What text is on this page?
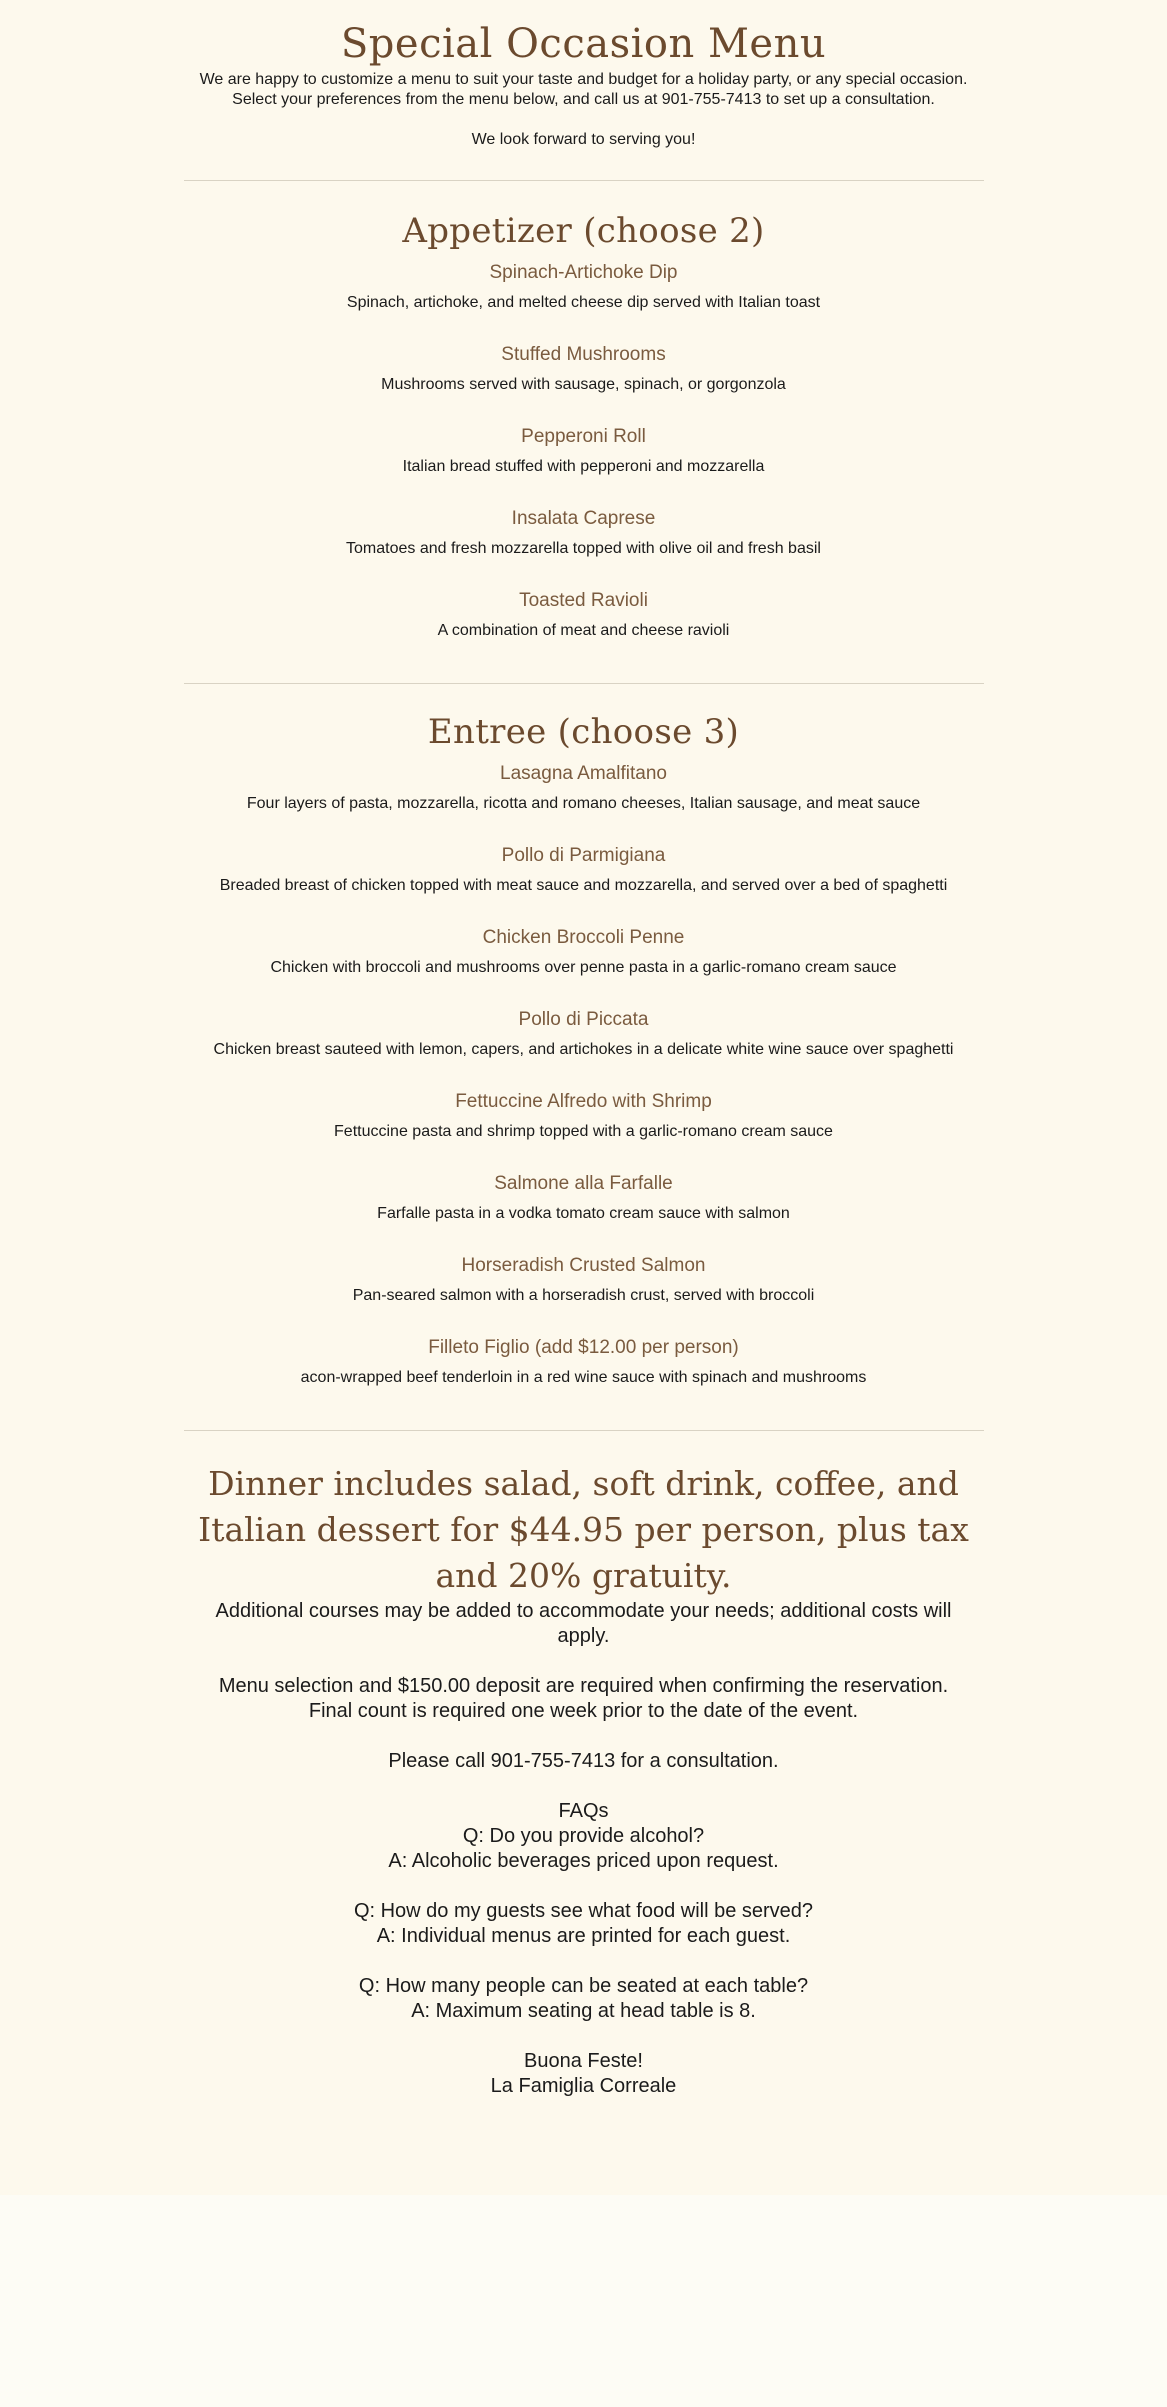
Special Occasion Menu

We are happy to customize a menu to suit your taste and budget for a holiday party, or any special occasion.
Select your preferences from the menu below, and call us at 901-755-7413 to set up a consultation.

We look forward to serving you!

Appetizer (choose 2)

Spinach-Artichoke Dip

Spinach, artichoke, and melted cheese dip served with Italian toast

Stuffed Mushrooms

Mushrooms served with sausage, spinach, or gorgonzola

Pepperoni Roll

Italian bread stuffed with pepperoni and mozzarella

Insalata Caprese

Tomatoes and fresh mozzarella topped with olive oil and fresh basil

Toasted Ravioli

A combination of meat and cheese ravioli

Entree (choose 3)

Lasagna Amalfitano

Four layers of pasta, mozzarella, ricotta and romano cheeses, Italian sausage, and meat sauce

Pollo di Parmigiana

Breaded breast of chicken topped with meat sauce and mozzarella, and served over a bed of spaghetti

Chicken Broccoli Penne

Chicken with broccoli and mushrooms over penne pasta in a garlic-romano cream sauce

Pollo di Piccata

Chicken breast sauteed with lemon, capers, and artichokes in a delicate white wine sauce over spaghetti

Fettuccine Alfredo with Shrimp

Fettuccine pasta and shrimp topped with a garlic-romano cream sauce

Salmone alla Farfalle

Farfalle pasta in a vodka tomato cream sauce with salmon

Horseradish Crusted Salmon

Pan-seared salmon with a horseradish crust, served with broccoli

Filleto Figlio (add $12.00 per person)

acon-wrapped beef tenderloin in a red wine sauce with spinach and mushrooms

Dinner includes salad, soft drink, coffee, and Italian dessert for $44.95 per person, plus tax and 20% gratuity.

Additional courses may be added to accommodate your needs; additional costs will apply.

Menu selection and $150.00 deposit are required when confirming the reservation.

Final count is required one week prior to the date of the event.

Please call 901-755-7413 for a consultation.

FAQs

Q: Do you provide alcohol?

A: Alcoholic beverages priced upon request.

Q: How do my guests see what food will be served?

A: Individual menus are printed for each guest.

Q: How many people can be seated at each table?

A: Maximum seating at head table is 8.

Buona Feste!

La Famiglia Correale
